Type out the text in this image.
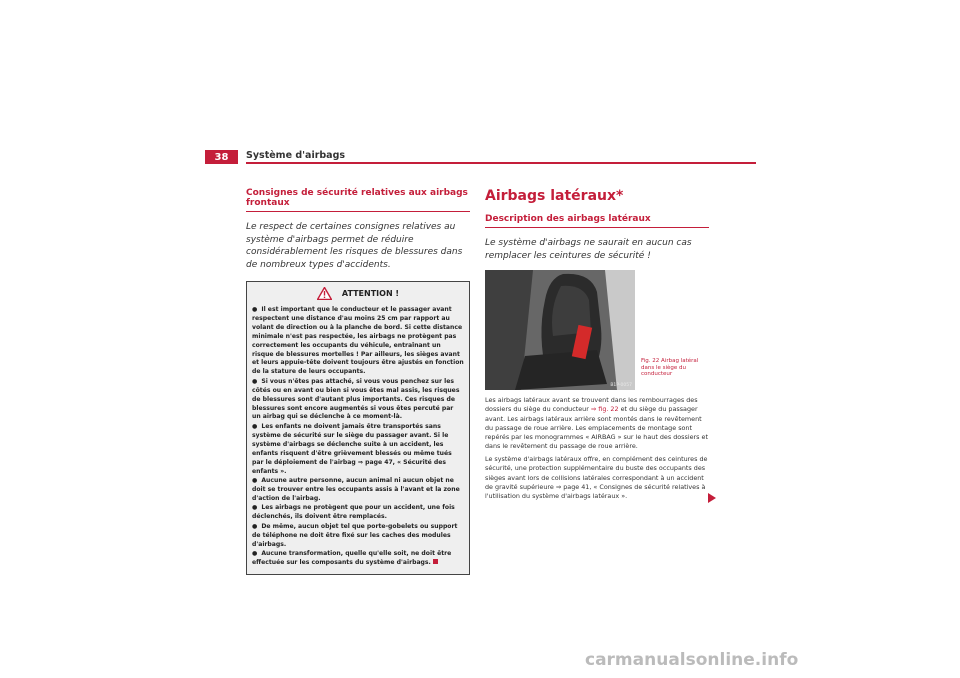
38	Système d'airbags
Consignes de sécurité relatives aux airbags frontaux
Le respect de certaines consignes relatives au système d'airbags permet de réduire considérablement les risques de blessures dans de nombreux types d'accidents.
ATTENTION !
● Il est important que le conducteur et le passager avant respectent une distance d'au moins 25 cm par rapport au volant de direction ou à la planche de bord. Si cette distance minimale n'est pas respectée, les airbags ne protègent pas correctement les occupants du véhicule, entraînant un risque de blessures mortelles ! Par ailleurs, les sièges avant et leurs appuie-tête doivent toujours être ajustés en fonction de la stature de leurs occupants.
● Si vous n'êtes pas attaché, si vous vous penchez sur les côtés ou en avant ou bien si vous êtes mal assis, les risques de blessures sont d'autant plus importants. Ces risques de blessures sont encore augmentés si vous êtes percuté par un airbag qui se déclenche à ce moment-là.
● Les enfants ne doivent jamais être transportés sans système de sécurité sur le siège du passager avant. Si le système d'airbags se déclenche suite à un accident, les enfants risquent d'être grièvement blessés ou même tués par le déploiement de l'airbag ⇒ page 47, « Sécurité des enfants ».
● Aucune autre personne, aucun animal ni aucun objet ne doit se trouver entre les occupants assis à l'avant et la zone d'action de l'airbag.
● Les airbags ne protègent que pour un accident, une fois déclenchés, ils doivent être remplacés.
● De même, aucun objet tel que porte-gobelets ou support de téléphone ne doit être fixé sur les caches des modules d'airbags.
● Aucune transformation, quelle qu'elle soit, ne doit être effectuée sur les composants du système d'airbags.
Airbags latéraux*
Description des airbags latéraux
Le système d'airbags ne saurait en aucun cas remplacer les ceintures de sécurité !
B1P-0057
Fig. 22 Airbag latéral dans le siège du conducteur

Les airbags latéraux avant se trouvent dans les rembourrages des dossiers du siège du conducteur ⇒ fig. 22 et du siège du passager avant. Les airbags latéraux arrière sont montés dans le revêtement du passage de roue arrière. Les emplacements de montage sont repérés par les monogrammes « AIRBAG » sur le haut des dossiers et dans le revêtement du passage de roue arrière.

Le système d'airbags latéraux offre, en complément des ceintures de sécurité, une protection supplémentaire du buste des occupants des sièges avant lors de collisions latérales correspondant à un accident de gravité supérieure ⇒ page 41, « Consignes de sécurité relatives à l'utilisation du système d'airbags latéraux ».

carmanualsonline.info
